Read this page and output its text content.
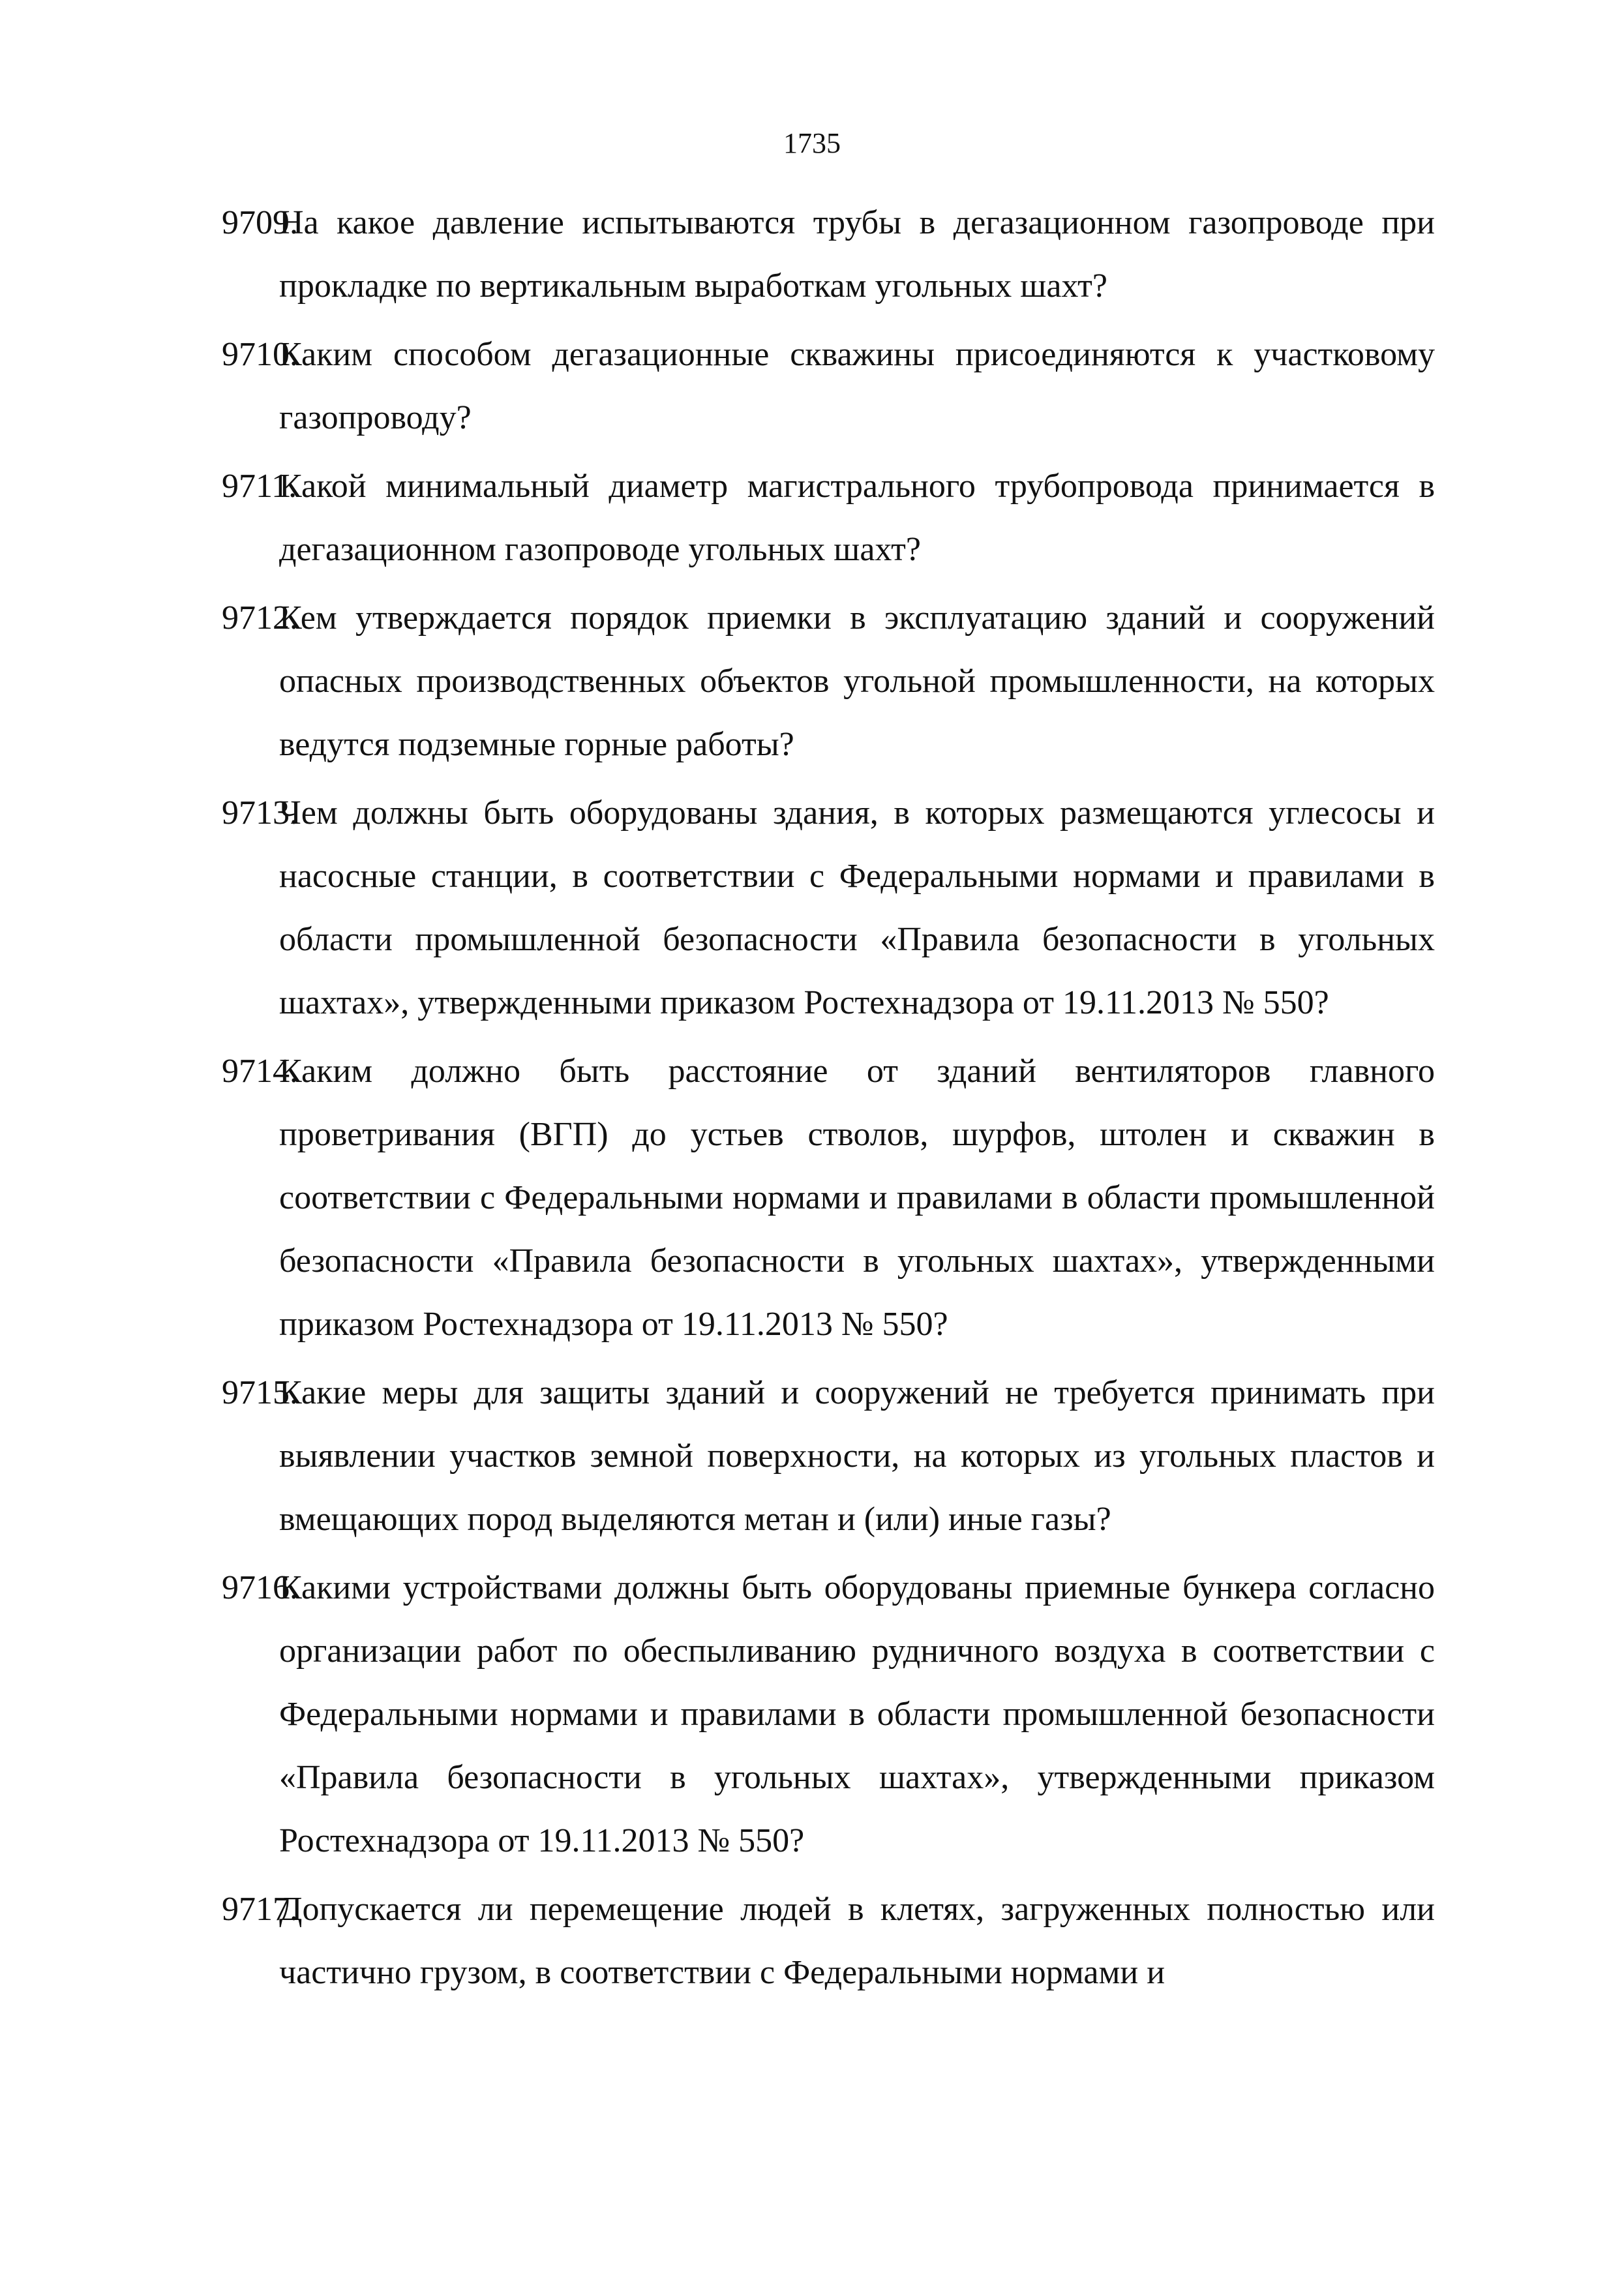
1735
9709.
На какое давление испытываются трубы в дегазационном газопроводе при прокладке по вертикальным выработкам угольных шахт?
9710.
Каким способом дегазационные скважины присоединяются к участковому газопроводу?
9711.
Какой минимальный диаметр магистрального трубопровода принимается в дегазационном газопроводе угольных шахт?
9712.
Кем утверждается порядок приемки в эксплуатацию зданий и сооружений опасных производственных объектов угольной промышленности, на которых ведутся подземные горные работы?
9713.
Чем должны быть оборудованы здания, в которых размещаются углесосы и насосные станции, в соответствии с Федеральными нормами и правилами в области промышленной безопасности «Правила безопасности в угольных шахтах», утвержденными приказом Ростехнадзора от 19.11.2013 № 550?
9714.
Каким должно быть расстояние от зданий вентиляторов главного проветривания (ВГП) до устьев стволов, шурфов, штолен и скважин в соответствии с Федеральными нормами и правилами в области промышленной безопасности «Правила безопасности в угольных шахтах», утвержденными приказом Ростехнадзора от 19.11.2013 № 550?
9715.
Какие меры для защиты зданий и сооружений не требуется принимать при выявлении участков земной поверхности, на которых из угольных пластов и вмещающих пород выделяются метан и (или) иные газы?
9716.
Какими устройствами должны быть оборудованы приемные бункера согласно организации работ по обеспыливанию рудничного воздуха в соответствии с Федеральными нормами и правилами в области промышленной безопасности «Правила безопасности в угольных шахтах», утвержденными приказом Ростехнадзора от 19.11.2013 № 550?
9717.
Допускается ли перемещение людей в клетях, загруженных полностью или частично грузом, в соответствии с Федеральными нормами и
